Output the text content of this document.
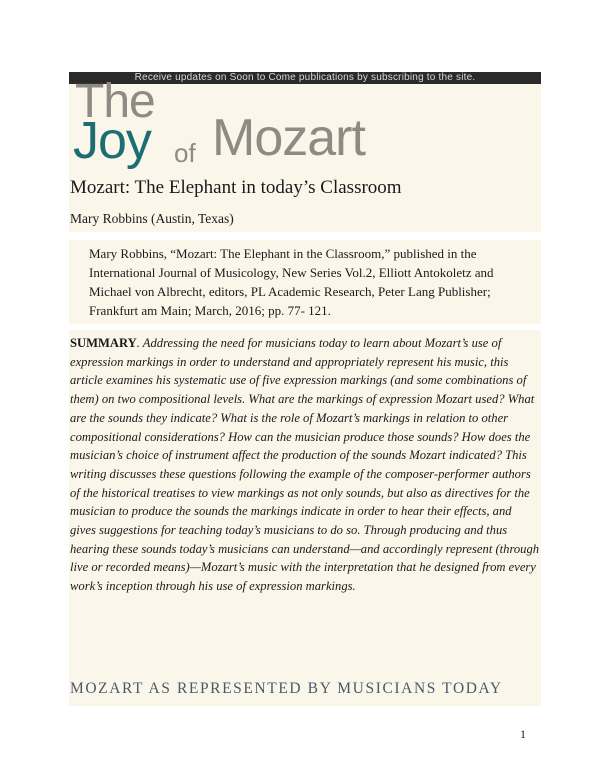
Receive updates on Soon to Come publications by subscribing to the site.
The
Joy of Mozart
Mozart: The Elephant in today’s Classroom
Mary Robbins (Austin, Texas)
Mary Robbins, “Mozart: The Elephant in the Classroom,” published in the International Journal of Musicology, New Series Vol.2, Elliott Antokoletz and Michael von Albrecht, editors, PL Academic Research, Peter Lang Publisher; Frankfurt am Main; March, 2016; pp. 77- 121.
SUMMARY. Addressing the need for musicians today to learn about Mozart’s use of expression markings in order to understand and appropriately represent his music, this article examines his systematic use of five expression markings (and some combinations of them) on two compositional levels. What are the markings of expression Mozart used? What are the sounds they indicate? What is the role of Mozart’s markings in relation to other compositional considerations? How can the musician produce those sounds? How does the musician’s choice of instrument affect the production of the sounds Mozart indicated? This writing discusses these questions following the example of the composer-performer authors of the historical treatises to view markings as not only sounds, but also as directives for the musician to produce the sounds the markings indicate in order to hear their effects, and gives suggestions for teaching today’s musicians to do so. Through producing and thus hearing these sounds today’s musicians can understand—and accordingly represent (through live or recorded means)—Mozart’s music with the interpretation that he designed from every work’s inception through his use of expression markings.
MOZART AS REPRESENTED BY MUSICIANS TODAY
1
